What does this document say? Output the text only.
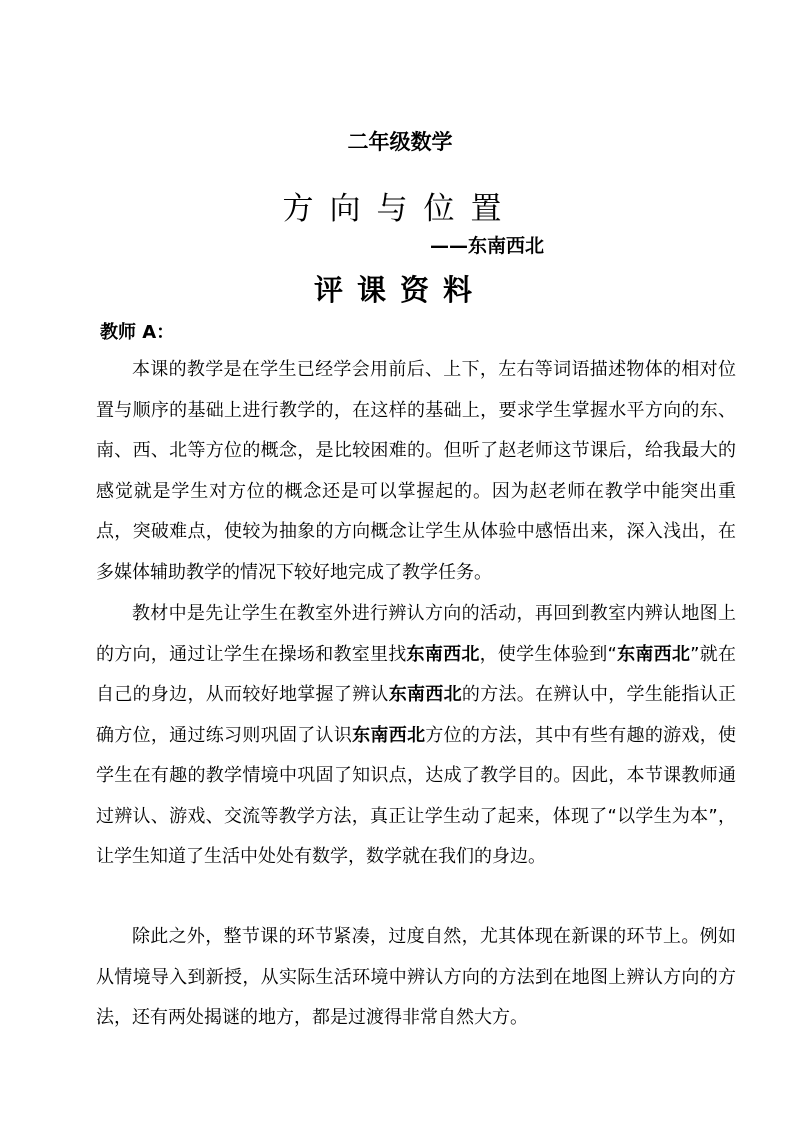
二年级数学
方向与位置
——东南西北
评课资料
教师 A：

本课的教学是在学生已经学会用前后、上下，左右等词语描述物体的相对位置与顺序的基础上进行教学的，在这样的基础上，要求学生掌握水平方向的东、南、西、北等方位的概念，是比较困难的。但听了赵老师这节课后，给我最大的感觉就是学生对方位的概念还是可以掌握起的。因为赵老师在教学中能突出重点，突破难点，使较为抽象的方向概念让学生从体验中感悟出来，深入浅出，在多媒体辅助教学的情况下较好地完成了教学任务。

教材中是先让学生在教室外进行辨认方向的活动，再回到教室内辨认地图上的方向，通过让学生在操场和教室里找东南西北，使学生体验到“东南西北”就在自己的身边，从而较好地掌握了辨认东南西北的方法。在辨认中，学生能指认正确方位，通过练习则巩固了认识东南西北方位的方法，其中有些有趣的游戏，使学生在有趣的教学情境中巩固了知识点，达成了教学目的。因此，本节课教师通过辨认、游戏、交流等教学方法，真正让学生动了起来，体现了“以学生为本”，让学生知道了生活中处处有数学，数学就在我们的身边。

除此之外，整节课的环节紧凑，过度自然，尤其体现在新课的环节上。例如从情境导入到新授，从实际生活环境中辨认方向的方法到在地图上辨认方向的方法，还有两处揭谜的地方，都是过渡得非常自然大方。
